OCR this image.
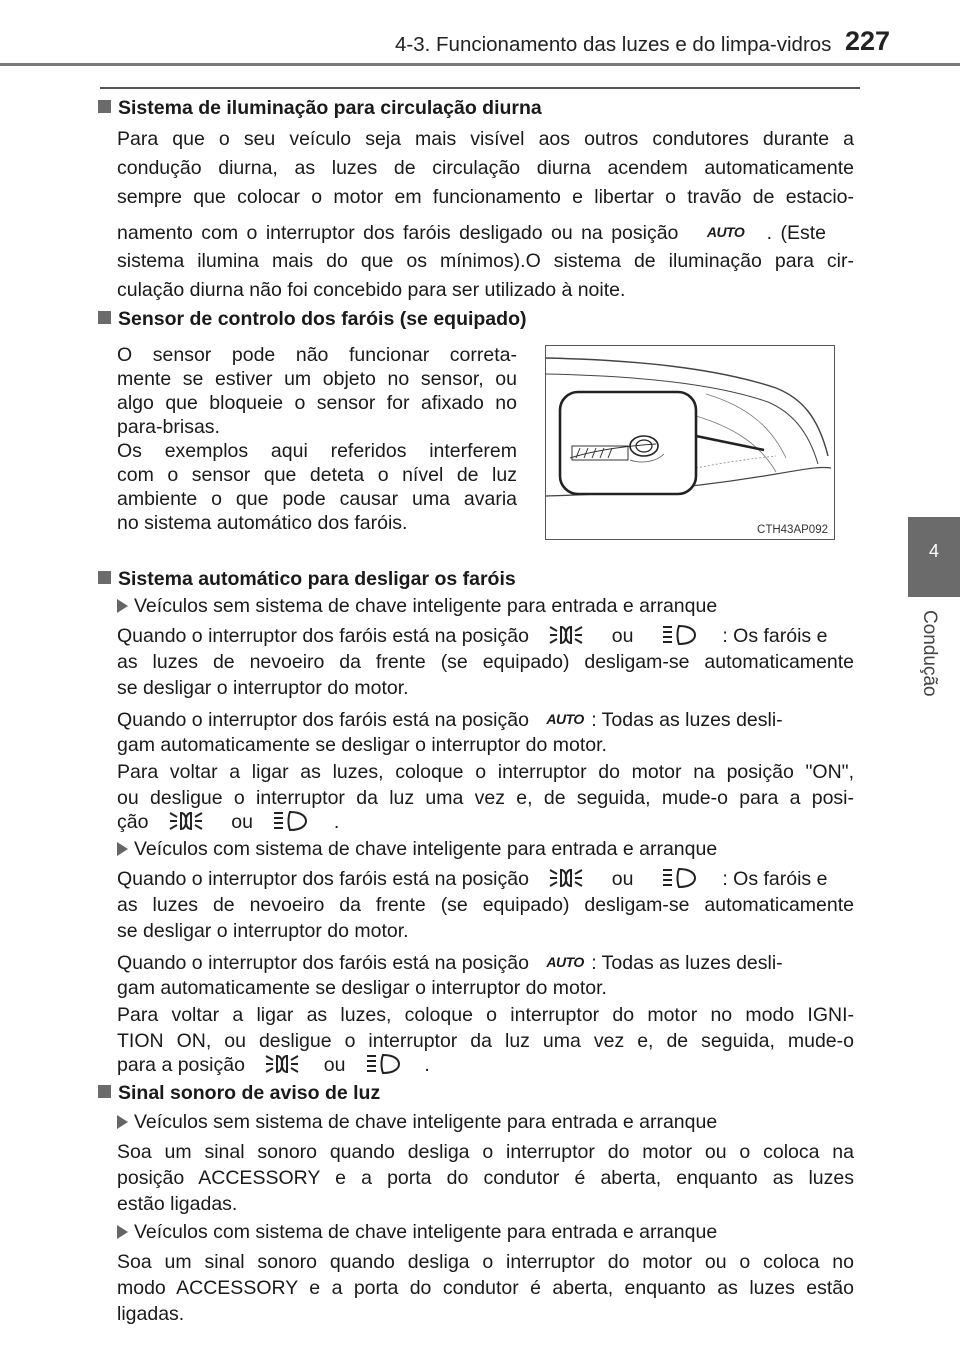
4-3. Funcionamento das luzes e do limpa-vidros 227
4
Condução
Sistema de iluminação para circulação diurna
Para que o seu veículo seja mais visível aos outros condutores durante a
condução diurna, as luzes de circulação diurna acendem automaticamente
sempre que colocar o motor em funcionamento e libertar o travão de estacio-
namento com o interruptor dos faróis desligado ou na posição AUTO . (Este
sistema ilumina mais do que os mínimos).O sistema de iluminação para cir-
culação diurna não foi concebido para ser utilizado à noite.
Sensor de controlo dos faróis (se equipado)
O sensor pode não funcionar correta-
mente se estiver um objeto no sensor, ou
algo que bloqueie o sensor for afixado no
para-brisas.
Os exemplos aqui referidos interferem
com o sensor que deteta o nível de luz
ambiente o que pode causar uma avaria
no sistema automático dos faróis.	CTH43AP092
Sistema automático para desligar os faróis
Veículos sem sistema de chave inteligente para entrada e arranque
Quando o interruptor dos faróis está na posição	ou	: Os faróis e
as luzes de nevoeiro da frente (se equipado) desligam-se automaticamente
se desligar o interruptor do motor.
Quando o interruptor dos faróis está na posição AUTO : Todas as luzes desli-
gam automaticamente se desligar o interruptor do motor.
Para voltar a ligar as luzes, coloque o interruptor do motor na posição "ON",
ou desligue o interruptor da luz uma vez e, de seguida, mude-o para a posi-
ção	ou	.
Veículos com sistema de chave inteligente para entrada e arranque
Quando o interruptor dos faróis está na posição	ou	: Os faróis e
as luzes de nevoeiro da frente (se equipado) desligam-se automaticamente
se desligar o interruptor do motor.
Quando o interruptor dos faróis está na posição AUTO : Todas as luzes desli-
gam automaticamente se desligar o interruptor do motor.
Para voltar a ligar as luzes, coloque o interruptor do motor no modo IGNI-
TION ON, ou desligue o interruptor da luz uma vez e, de seguida, mude-o
para a posição	ou	.
Sinal sonoro de aviso de luz
Veículos sem sistema de chave inteligente para entrada e arranque
Soa um sinal sonoro quando desliga o interruptor do motor ou o coloca na
posição ACCESSORY e a porta do condutor é aberta, enquanto as luzes
estão ligadas.
Veículos com sistema de chave inteligente para entrada e arranque
Soa um sinal sonoro quando desliga o interruptor do motor ou o coloca no
modo ACCESSORY e a porta do condutor é aberta, enquanto as luzes estão
ligadas.
